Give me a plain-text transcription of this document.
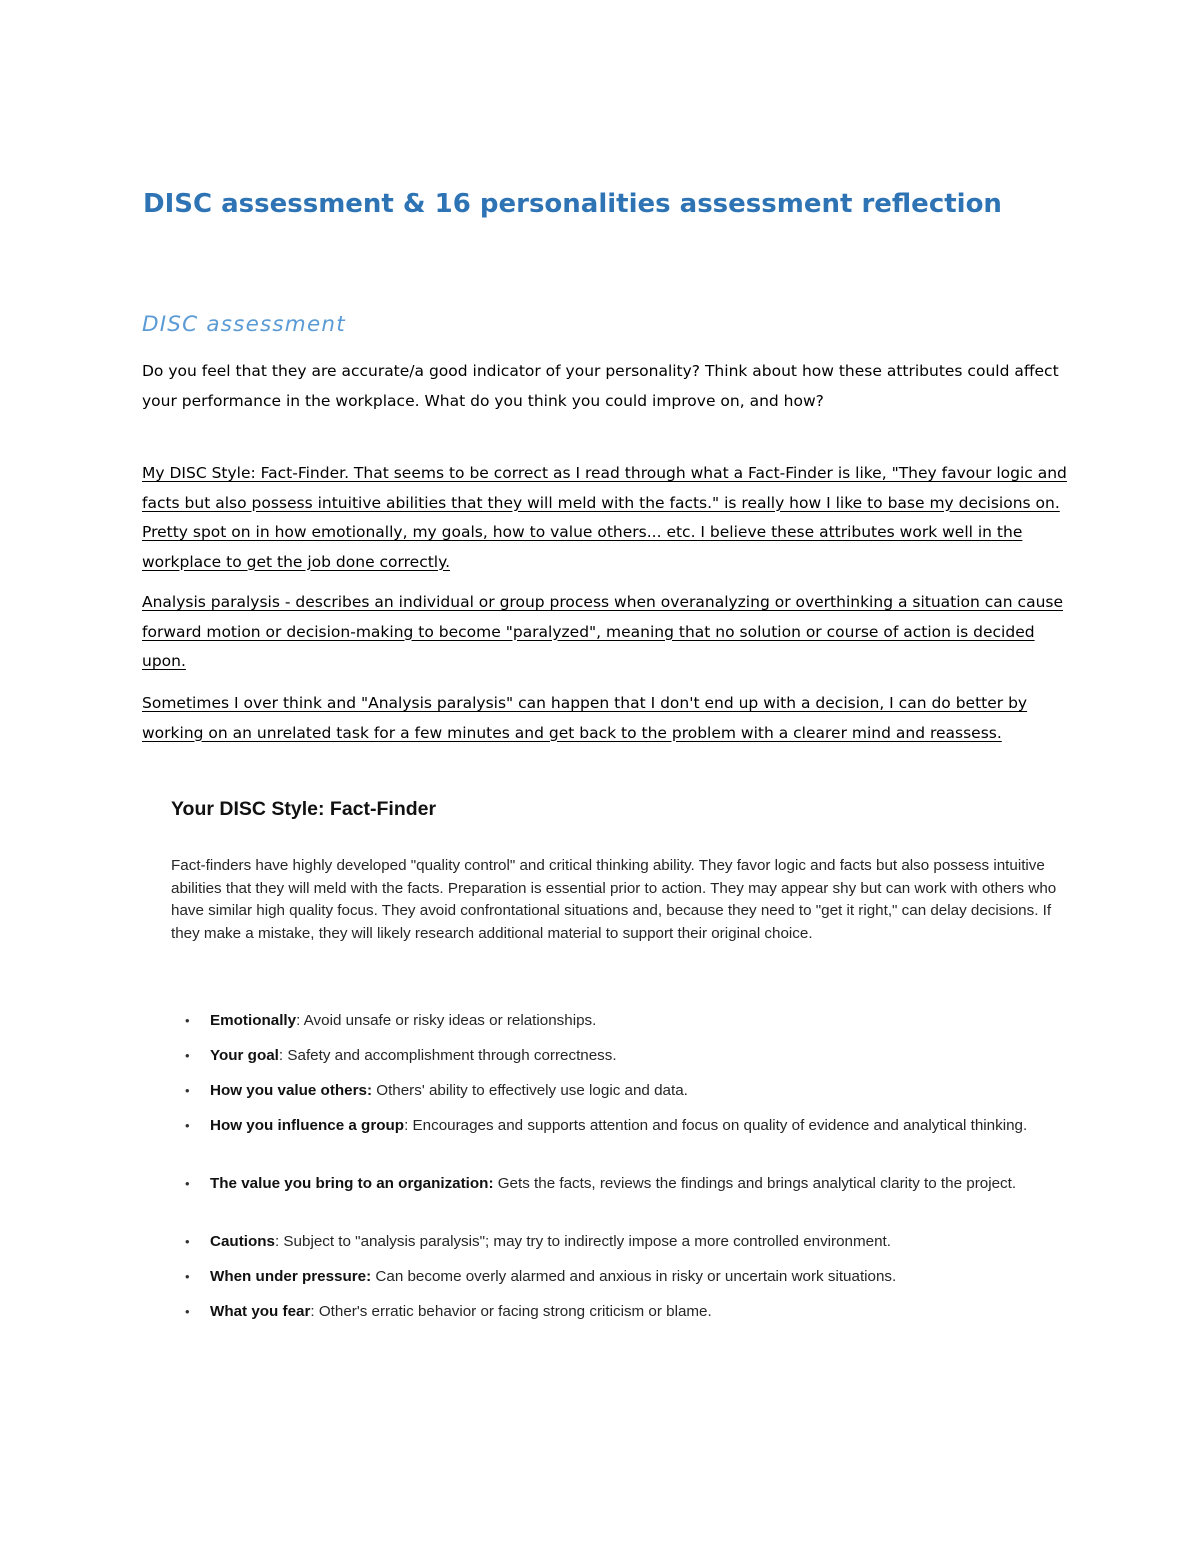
DISC assessment & 16 personalities assessment reflection
DISC assessment

Do you feel that they are accurate/a good indicator of your personality? Think about how these attributes could affect your performance in the workplace. What do you think you could improve on, and how?

My DISC Style: Fact-Finder. That seems to be correct as I read through what a Fact-Finder is like, "They favour logic and facts but also possess intuitive abilities that they will meld with the facts." is really how I like to base my decisions on. Pretty spot on in how emotionally, my goals, how to value others... etc. I believe these attributes work well in the workplace to get the job done correctly.

Analysis paralysis - describes an individual or group process when overanalyzing or overthinking a situation can cause forward motion or decision-making to become "paralyzed", meaning that no solution or course of action is decided upon.

Sometimes I over think and "Analysis paralysis" can happen that I don't end up with a decision, I can do better by working on an unrelated task for a few minutes and get back to the problem with a clearer mind and reassess.

Your DISC Style: Fact-Finder

Fact-finders have highly developed "quality control" and critical thinking ability. They favor logic and facts but also possess intuitive abilities that they will meld with the facts. Preparation is essential prior to action. They may appear shy but can work with others who have similar high quality focus. They avoid confrontational situations and, because they need to "get it right," can delay decisions. If they make a mistake, they will likely research additional material to support their original choice.

• Emotionally: Avoid unsafe or risky ideas or relationships.
• Your goal: Safety and accomplishment through correctness.
• How you value others: Others' ability to effectively use logic and data.
• How you influence a group: Encourages and supports attention and focus on quality of evidence and analytical thinking.
• The value you bring to an organization: Gets the facts, reviews the findings and brings analytical clarity to the project.
• Cautions: Subject to "analysis paralysis"; may try to indirectly impose a more controlled environment.
• When under pressure: Can become overly alarmed and anxious in risky or uncertain work situations.
• What you fear: Other's erratic behavior or facing strong criticism or blame.
